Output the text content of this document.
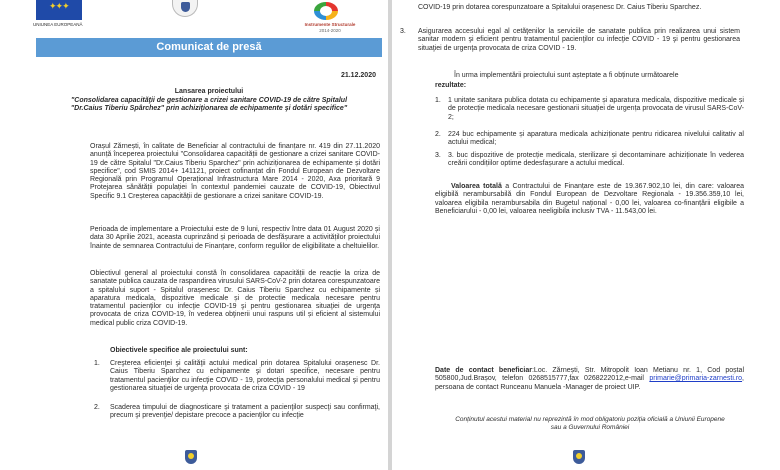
✦✦✦
UNIUNEA EUROPEANĂ	Instrumente Structurale
2014-2020
Comunicat de presă

21.12.2020

Lansarea proiectului

"Consolidarea capacităţii de gestionare a crizei sanitare COVID-19 de către Spitalul "Dr.Caius Tiberiu Spârchez" prin achiziţionarea de echipamente şi dotări specifice"

Orașul Zărnești, în calitate de Beneficiar al contractului de finanțare nr. 419 din 27.11.2020 anunță începerea proiectului "Consolidarea capacității de gestionare a crizei sanitare COVID-19 de către Spitalul "Dr.Caius Tiberiu Sparchez" prin achiziționarea de echipamente și dotări specifice", cod SMIS 2014+ 141121, proiect cofinanțat din Fondul European de Dezvoltare Regională prin Programul Operațional Infrastructura Mare 2014 - 2020, Axa prioritară 9 Protejarea sănătății populației în contextul pandemiei cauzate de COVID-19, Obiectivul Specific 9.1 Creșterea capacității de gestionare a crizei sanitare COVID-19.

Perioada de implementare a Proiectului este de 9 luni, respectiv între data 01 August 2020 și data 30 Aprilie 2021, aceasta cuprinzând și perioada de desfășurare a activităților proiectului înainte de semnarea Contractului de Finanțare, conform regulilor de eligibilitate a cheltuielilor.

Obiectivul general al proiectului constă în consolidarea capacității de reacție la criza de sanatate publica cauzata de raspandirea virusului SARS-CoV-2 prin dotarea corespunzatoare a spitalului suport - Spitalul orașenesc Dr. Caius Tiberiu Sparchez cu echipamente și aparatura medicala, dispozitive medicale și de protectie medicala necesare pentru tratamentul pacienţilor cu infecţie COVID-19 şi pentru gestionarea situaţiei de urgenţa provocata de criza COVID-19, în vederea obţinerii unui raspuns util și eficient al sistemului medical public criza COVID-19.

Obiectivele specifice ale proiectului sunt:

1. Creşterea eficienţei şi calităţii actului medical prin dotarea Spitalului orașenesc Dr. Caius Tiberiu Sparchez cu echipamente şi dotari specifice, necesare pentru tratamentul pacienţilor cu infecţie COVID - 19, protecţia personalului medical şi pentru gestionarea situaţiei de urgenţa provocata de criza COVID - 19

2. Scaderea timpului de diagnosticare şi tratament a pacienţilor suspecţi sau confirmaţi, precum şi prevenţie/ depistare precoce a pacienţilor cu infecţie

COVID-19 prin dotarea corespunzatoare a Spitalului orașenesc Dr. Caius Tiberiu Sparchez.

3. Asigurarea accesului egal al cetăţenilor la serviciile de sanatate publica prin realizarea unui sistem sanitar modern şi eficient pentru tratamentul pacienţilor cu infecţie COVID - 19 şi pentru gestionarea situaţiei de urgenţa provocata de criza COVID - 19.

În urma implementării proiectului sunt așteptate a fi obținute următoarele

rezultate:

1. 1 unitate sanitara publica dotata cu echipamente și aparatura medicala, dispozitive medicale și de protecție medicala necesare gestionarii situației de urgența provocata de virusul SARS-CoV-2;

2. 224 buc echipamente și aparatura medicala achiziționate pentru ridicarea nivelului calitativ al actului medical;

3. 3. buc dispozitive de protecție medicala, sterilizare și decontaminare achiziționate în vederea creării condițiilor optime dedesfașurare a actului medical.

Valoarea totală a Contractului de Finanțare este de 19.367.902,10 lei, din care: valoarea eligibilă nerambursabilă din Fondul European de Dezvoltare Regionala - 19.356.359,10 lei, valoarea eligibila nerambursabila din Bugetul național - 0,00 lei, valoarea co-finanțării eligibile a Beneficiarului - 0,00 lei, valoarea neeligibila inclusiv TVA - 11.543,00 lei.

Date de contact beneficiar:Loc. Zărnești, Str. Mitropolit Ioan Metianu nr. 1, Cod poștal 505800,Jud.Brașov, telefon 0268515777,fax 0268222012,e-mail primarie@primaria-zarnesti.ro, persoana de contact Runceanu Manuela -Manager de proiect UIP.

Conținutul acestui material nu reprezintă în mod obligatoriu poziția oficială a Uniunii Europene sau a Guvernului României
